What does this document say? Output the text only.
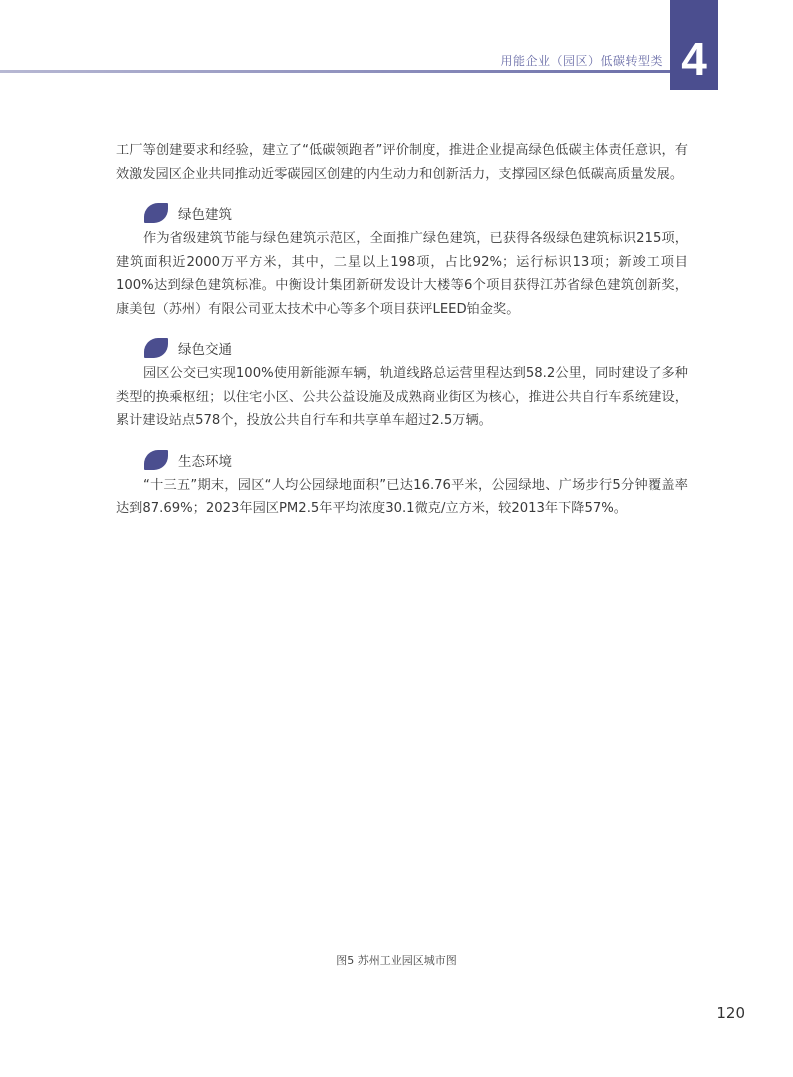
用能企业（园区）低碳转型类 4

工厂等创建要求和经验，建立了“低碳领跑者”评价制度，推进企业提高绿色低碳主体责任意识，有效激发园区企业共同推动近零碳园区创建的内生动力和创新活力，支撑园区绿色低碳高质量发展。

绿色建筑

作为省级建筑节能与绿色建筑示范区，全面推广绿色建筑，已获得各级绿色建筑标识215项，建筑面积近2000万平方米，其中，二星以上198项，占比92%；运行标识13项；新竣工项目100%达到绿色建筑标准。中衡设计集团新研发设计大楼等6个项目获得江苏省绿色建筑创新奖，康美包（苏州）有限公司亚太技术中心等多个项目获评LEED铂金奖。

绿色交通

园区公交已实现100%使用新能源车辆，轨道线路总运营里程达到58.2公里，同时建设了多种类型的换乘枢纽；以住宅小区、公共公益设施及成熟商业街区为核心，推进公共自行车系统建设，累计建设站点578个，投放公共自行车和共享单车超过2.5万辆。

生态环境

“十三五”期末，园区“人均公园绿地面积”已达16.76平米，公园绿地、广场步行5分钟覆盖率达到87.69%；2023年园区PM2.5年平均浓度30.1微克/立方米，较2013年下降57%。

图5 苏州工业园区城市图
120
